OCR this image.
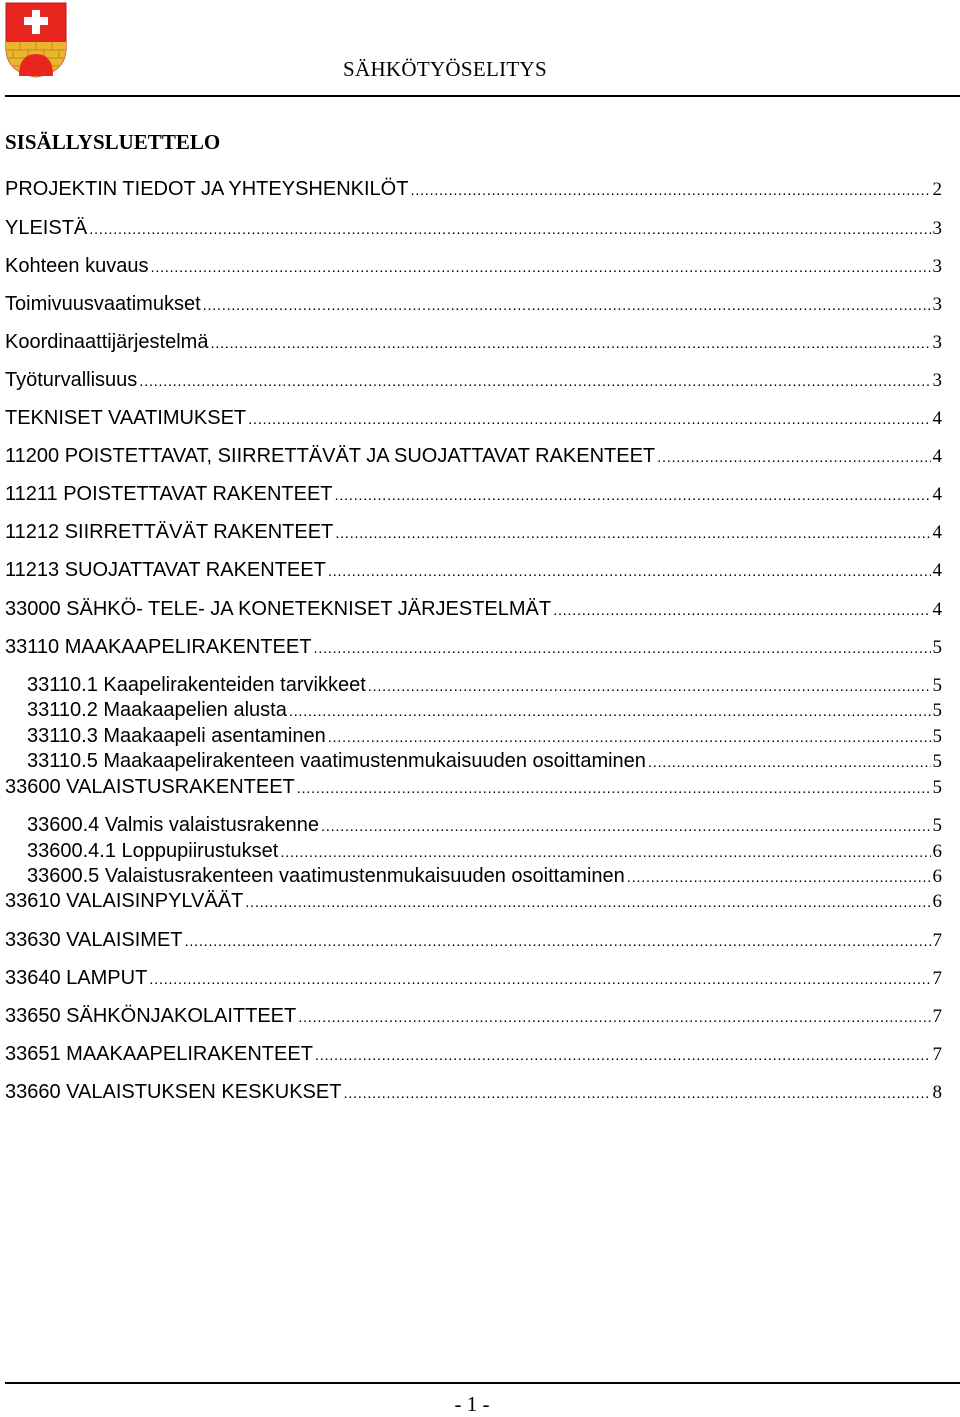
SÄHKÖTYÖSELITYS
SISÄLLYSLUETTELO
PROJEKTIN TIEDOT JA YHTEYSHENKILÖT .....	2
YLEISTÄ .....	3
Kohteen kuvaus .....	3
Toimivuusvaatimukset .....	3
Koordinaattijärjestelmä .....	3
Työturvallisuus .....	3
TEKNISET VAATIMUKSET .....	4
11200 POISTETTAVAT, SIIRRETTÄVÄT JA SUOJATTAVAT RAKENTEET .....	4
11211 POISTETTAVAT RAKENTEET .....	4
11212 SIIRRETTÄVÄT RAKENTEET .....	4
11213 SUOJATTAVAT RAKENTEET .....	4
33000 SÄHKÖ- TELE- JA KONETEKNISET JÄRJESTELMÄT .....	4
33110 MAAKAAPELIRAKENTEET .....	5
33110.1 Kaapelirakenteiden tarvikkeet .....	5
33110.2 Maakaapelien alusta .....	5
33110.3 Maakaapeli asentaminen .....	5
33110.5 Maakaapelirakenteen vaatimustenmukaisuuden osoittaminen .....	5
33600 VALAISTUSRAKENTEET .....	5
33600.4 Valmis valaistusrakenne .....	5
33600.4.1 Loppupiirustukset .....	6
33600.5 Valaistusrakenteen vaatimustenmukaisuuden osoittaminen .....	6
33610 VALAISINPYLVÄÄT .....	6
33630 VALAISIMET .....	7
33640 LAMPUT .....	7
33650 SÄHKÖNJAKOLAITTEET .....	7
33651 MAAKAAPELIRAKENTEET .....	7
33660 VALAISTUKSEN KESKUKSET .....	8
- 1 -
